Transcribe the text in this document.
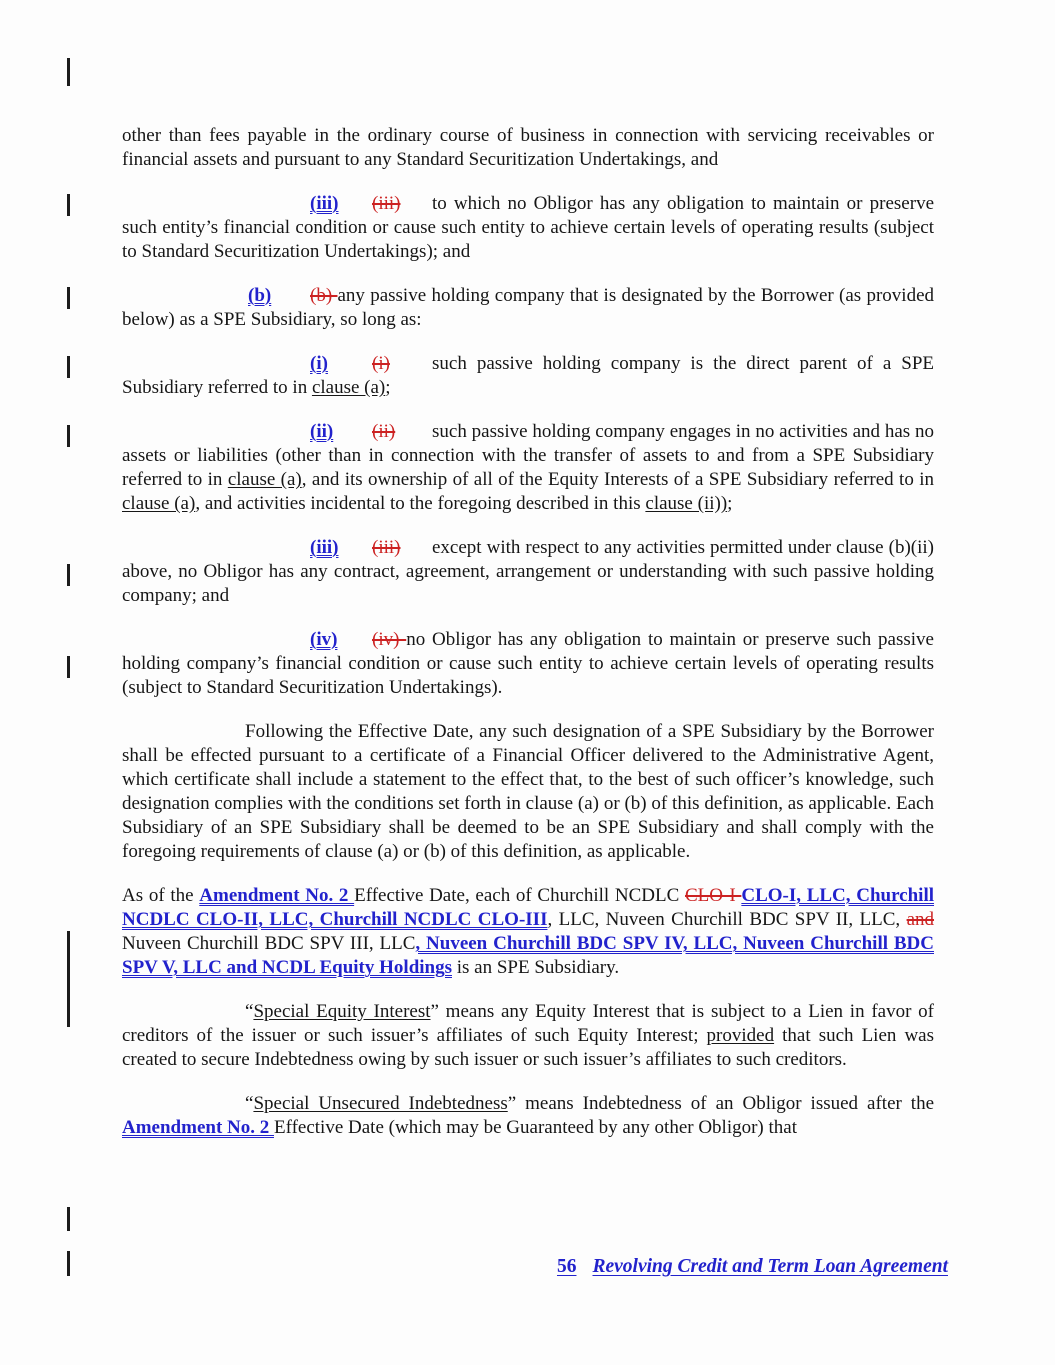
other than fees payable in the ordinary course of business in connection with servicing receivables or financial assets and pursuant to any Standard Securitization Undertakings, and

(iii) (iii) to which no Obligor has any obligation to maintain or preserve such entity’s financial condition or cause such entity to achieve certain levels of operating results (subject to Standard Securitization Undertakings); and

(b) (b) any passive holding company that is designated by the Borrower (as provided below) as a SPE Subsidiary, so long as:

(i) (i) such passive holding company is the direct parent of a SPE Subsidiary referred to in clause (a);

(ii) (ii)such passive holding company engages in no activities and has no assets or liabilities (other than in connection with the transfer of assets to and from a SPE Subsidiary referred to in clause (a), and its ownership of all of the Equity Interests of a SPE Subsidiary referred to in clause (a), and activities incidental to the foregoing described in this clause (ii));

(iii) (iii) except with respect to any activities permitted under clause (b)(ii) above, no Obligor has any contract, agreement, arrangement or understanding with such passive holding company; and

(iv) (iv) no Obligor has any obligation to maintain or preserve such passive holding company’s financial condition or cause such entity to achieve certain levels of operating results (subject to Standard Securitization Undertakings).

Following the Effective Date, any such designation of a SPE Subsidiary by the Borrower shall be effected pursuant to a certificate of a Financial Officer delivered to the Administrative Agent, which certificate shall include a statement to the effect that, to the best of such officer’s knowledge, such designation complies with the conditions set forth in clause (a) or (b) of this definition, as applicable. Each Subsidiary of an SPE Subsidiary shall be deemed to be an SPE Subsidiary and shall comply with the foregoing requirements of clause (a) or (b) of this definition, as applicable.

As of the Amendment No. 2 Effective Date, each of Churchill NCDLC CLO-I CLO-I, LLC, Churchill NCDLC CLO-II, LLC, Churchill NCDLC CLO-III, LLC, Nuveen Churchill BDC SPV II, LLC, and Nuveen Churchill BDC SPV III, LLC, Nuveen Churchill BDC SPV IV, LLC, Nuveen Churchill BDC SPV V, LLC and NCDL Equity Holdings is an SPE Subsidiary.

“Special Equity Interest” means any Equity Interest that is subject to a Lien in favor of creditors of the issuer or such issuer’s affiliates of such Equity Interest; provided that such Lien was created to secure Indebtedness owing by such issuer or such issuer’s affiliates to such creditors.

“Special Unsecured Indebtedness” means Indebtedness of an Obligor issued after the Amendment No. 2 Effective Date (which may be Guaranteed by any other Obligor) that

56 Revolving Credit and Term Loan Agreement
